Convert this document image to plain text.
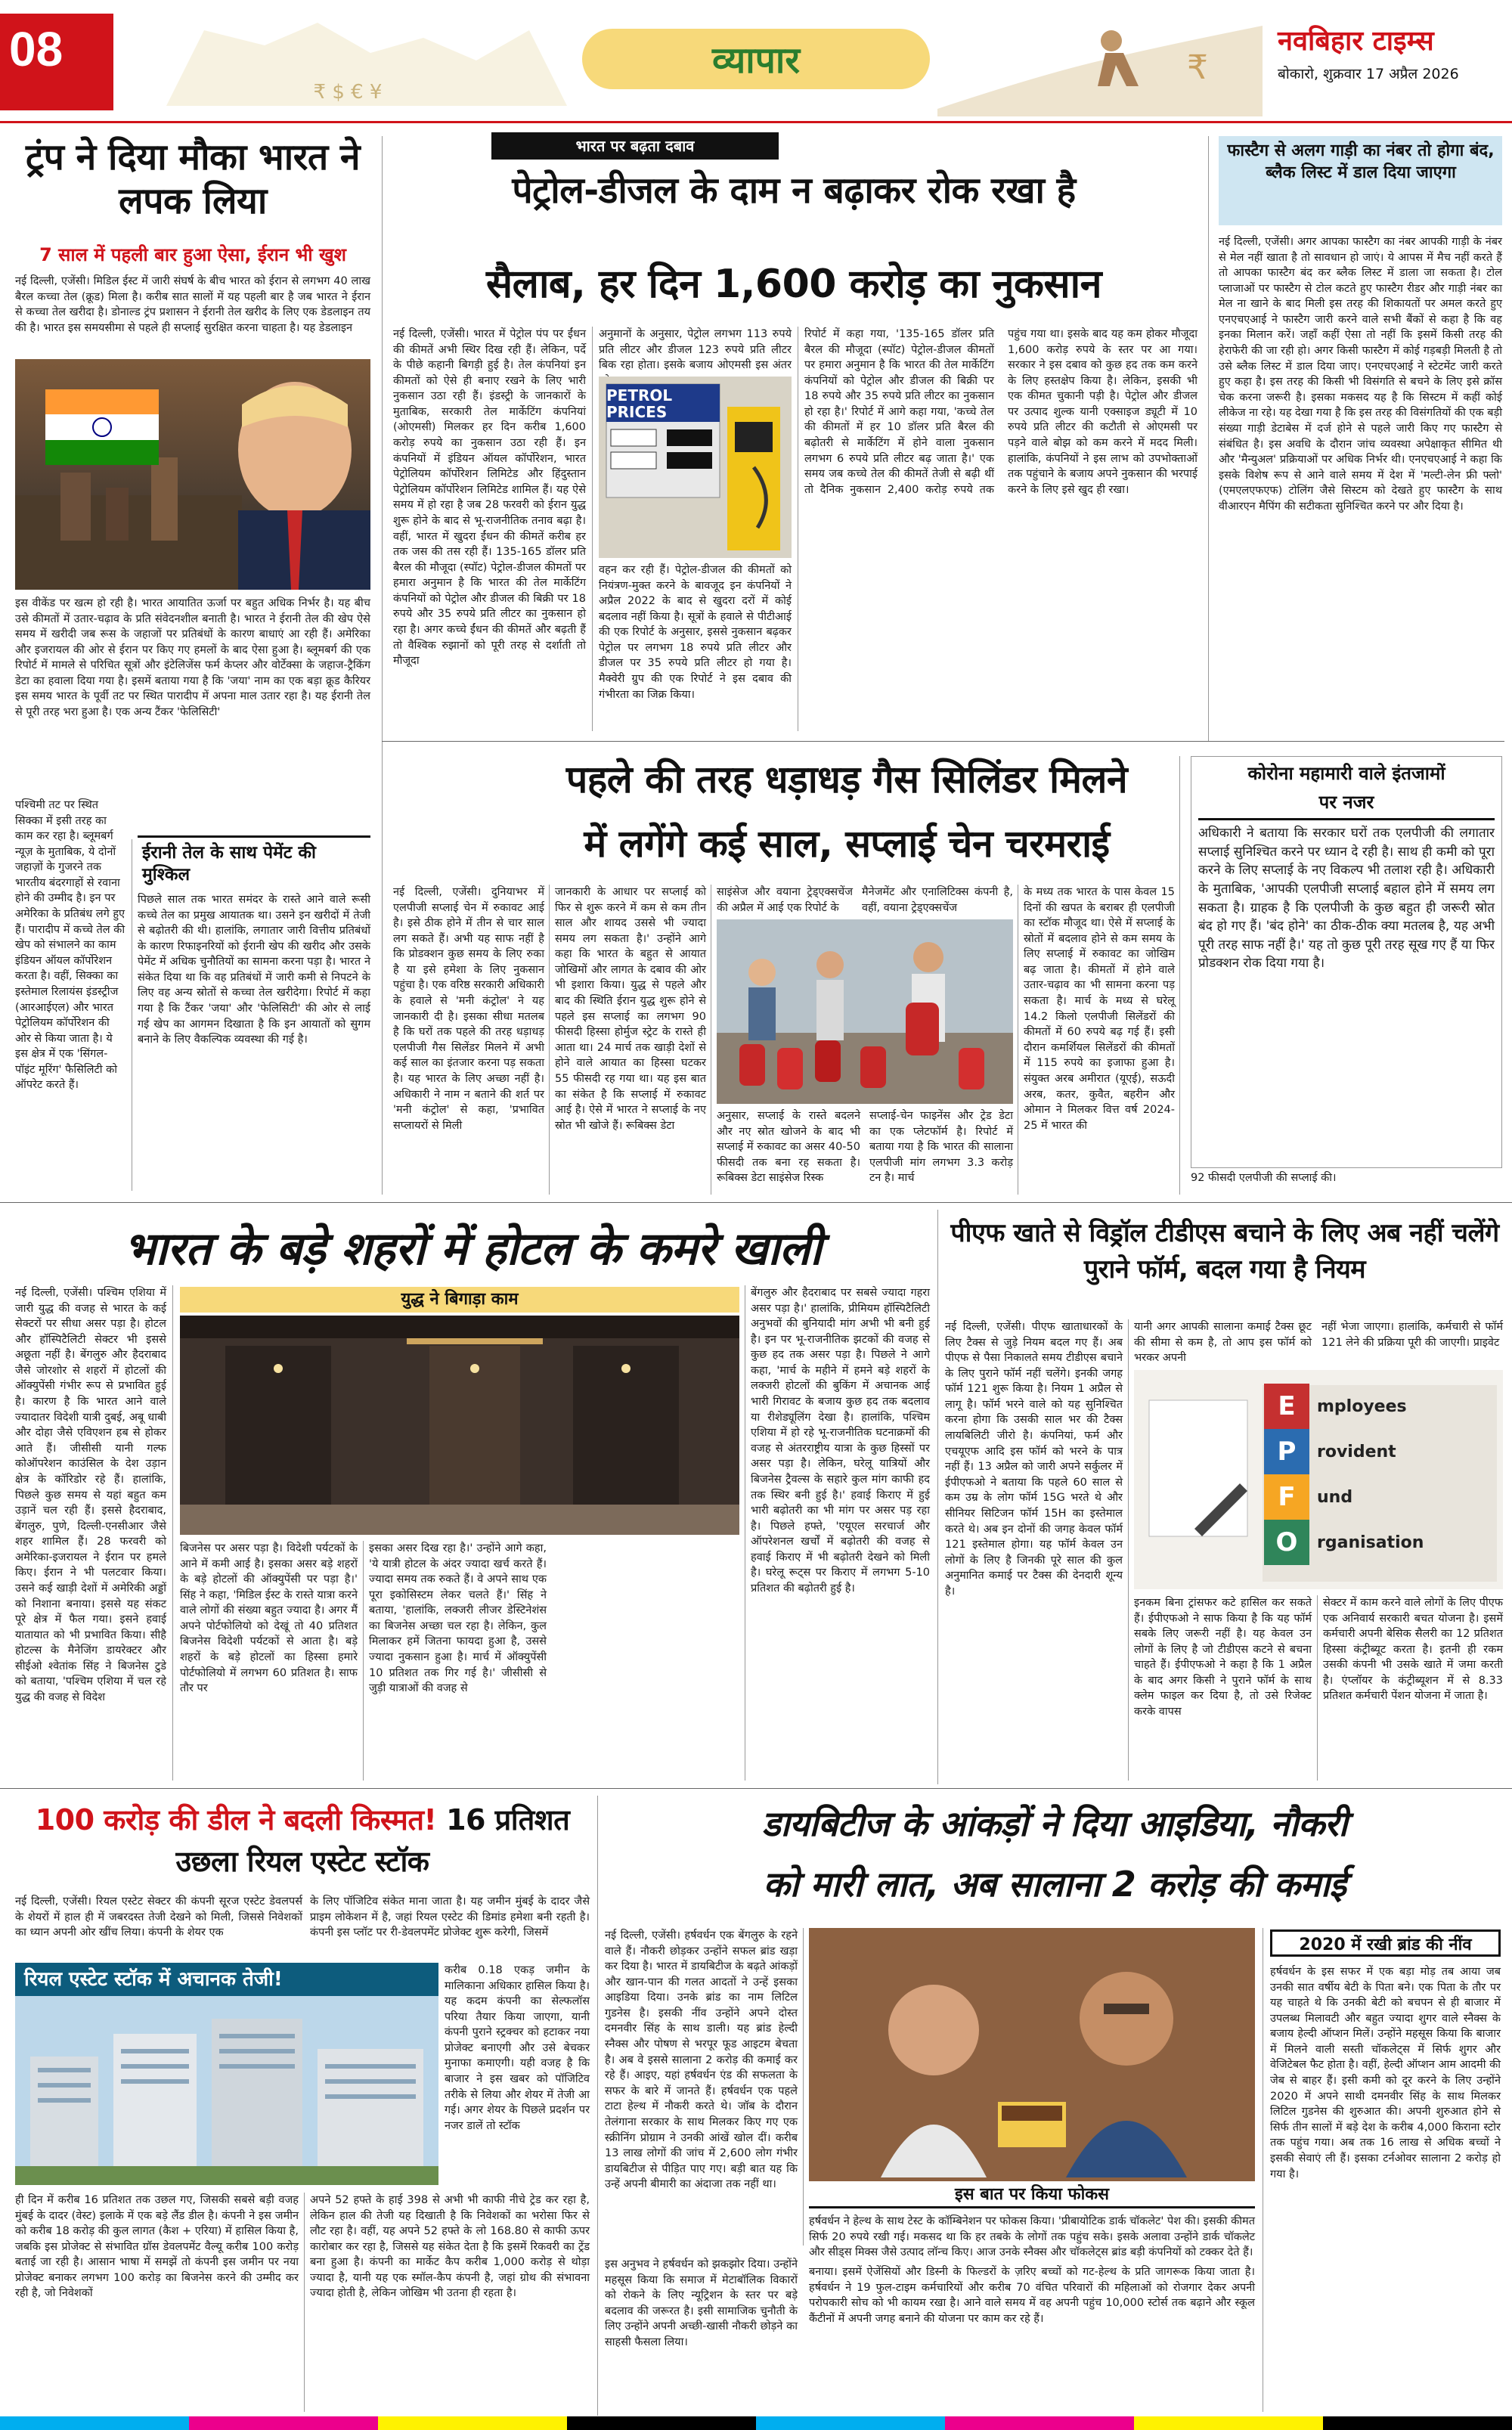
08
₹ $ € ¥
व्यापार	₹
नवबिहार टाइम्स
बोकारो, शुक्रवार 17 अप्रैल 2026
ट्रंप ने दिया मौका भारत ने लपक लिया
7 साल में पहली बार हुआ ऐसा, ईरान भी खुश
नई दिल्ली, एजेंसी। मिडिल ईस्ट में जारी संघर्ष के बीच भारत को ईरान से लगभग 40 लाख बैरल कच्चा तेल (क्रूड) मिला है। करीब सात सालों में यह पहली बार है जब भारत ने ईरान से कच्चा तेल खरीदा है। डोनाल्ड ट्रंप प्रशासन ने ईरानी तेल खरीद के लिए एक डेडलाइन तय की है। भारत इस समयसीमा से पहले ही सप्लाई सुरक्षित करना चाहता है। यह डेडलाइन
इस वीकेंड पर खत्म हो रही है। भारत आयातित ऊर्जा पर बहुत अधिक निर्भर है। यह बीच उसे कीमतों में उतार-चढ़ाव के प्रति संवेदनशील बनाती है। भारत ने ईरानी तेल की खेप ऐसे समय में खरीदी जब रूस के जहाजों पर प्रतिबंधों के कारण बाधाएं आ रही हैं। अमेरिका और इजरायल की ओर से ईरान पर किए गए हमलों के बाद ऐसा हुआ है। ब्लूमबर्ग की एक रिपोर्ट में मामले से परिचित सूत्रों और इंटेलिजेंस फर्म केप्लर और वोर्टेक्सा के जहाज-ट्रैकिंग डेटा का हवाला दिया गया है। इसमें बताया गया है कि 'जया' नाम का एक बड़ा क्रूड कैरियर इस समय भारत के पूर्वी तट पर स्थित पारादीप में अपना माल उतार रहा है। यह ईरानी तेल से पूरी तरह भरा हुआ है। एक अन्य टैंकर 'फेलिसिटी'
पश्चिमी तट पर स्थित सिक्का में इसी तरह का काम कर रहा है। ब्लूमबर्ग न्यूज़ के मुताबिक, ये दोनों जहाज़ों के गुजरने तक भारतीय बंदरगाहों से रवाना होने की उम्मीद है। इन पर अमेरिका के प्रतिबंध लगे हुए हैं। पारादीप में कच्चे तेल की खेप को संभालने का काम इंडियन ऑयल कॉर्पोरेशन करता है। वहीं, सिक्का का इस्तेमाल रिलायंस इंडस्ट्रीज (आरआईएल) और भारत पेट्रोलियम कॉर्पोरेशन की ओर से किया जाता है। ये इस क्षेत्र में एक 'सिंगल-पॉइंट मूरिंग' फैसिलिटी को ऑपरेट करते हैं।
ईरानी तेल के साथ पेमेंट की मुश्किल
पिछले साल तक भारत समंदर के रास्ते आने वाले रूसी कच्चे तेल का प्रमुख आयातक था। उसने इन खरीदों में तेजी से बढ़ोतरी की थी। हालांकि, लगातार जारी वित्तीय प्रतिबंधों के कारण रिफाइनरियों को ईरानी खेप की खरीद और उसके पेमेंट में अधिक चुनौतियों का सामना करना पड़ा है। भारत ने संकेत दिया था कि वह प्रतिबंधों में जारी कमी से निपटने के लिए वह अन्य स्रोतों से कच्चा तेल खरीदेगा। रिपोर्ट में कहा गया है कि टैंकर 'जया' और 'फेलिसिटी' की ओर से लाई गई खेप का आगमन दिखाता है कि इन आयातों को सुगम बनाने के लिए वैकल्पिक व्यवस्था की गई है।
भारत पर बढ़ता दबाव
पेट्रोल-डीजल के दाम न बढ़ाकर रोक रखा है
सैलाब, हर दिन 1,600 करोड़ का नुकसान
नई दिल्ली, एजेंसी। भारत में पेट्रोल पंप पर ईंधन की कीमतें अभी स्थिर दिख रही हैं। लेकिन, पर्दे के पीछे कहानी बिगड़ी हुई है। तेल कंपनियां इन कीमतों को ऐसे ही बनाए रखने के लिए भारी नुकसान उठा रही हैं। इंडस्ट्री के जानकारों के मुताबिक, सरकारी तेल मार्केटिंग कंपनियां (ओएमसी) मिलकर हर दिन करीब 1,600 करोड़ रुपये का नुकसान उठा रही हैं। इन कंपनियों में इंडियन ऑयल कॉर्पोरेशन, भारत पेट्रोलियम कॉर्पोरेशन लिमिटेड और हिंदुस्तान पेट्रोलियम कॉर्पोरेशन लिमिटेड शामिल हैं। यह ऐसे समय में हो रहा है जब 28 फरवरी को ईरान युद्ध शुरू होने के बाद से भू-राजनीतिक तनाव बढ़ा है। वहीं, भारत में खुदरा ईंधन की कीमतें करीब हर तक जस की तस रही हैं। 135-165 डॉलर प्रति बैरल की मौजूदा (स्पॉट) पेट्रोल-डीजल कीमतों पर हमारा अनुमान है कि भारत की तेल मार्केटिंग कंपनियों को पेट्रोल और डीजल की बिक्री पर 18 रुपये और 35 रुपये प्रति लीटर का नुकसान हो रहा है। अगर कच्चे ईंधन की कीमतें और बढ़ती हैं तो वैश्विक रुझानों को पूरी तरह से दर्शाती तो मौजूदा
अनुमानों के अनुसार, पेट्रोल लगभग 113 रुपये प्रति लीटर और डीजल 123 रुपये प्रति लीटर बिक रहा होता। इसके बजाय ओएमसी इस अंतर
PETROL PRICES
वहन कर रही हैं। पेट्रोल-डीजल की कीमतों को नियंत्रण-मुक्त करने के बावजूद इन कंपनियों ने अप्रैल 2022 के बाद से खुदरा दरों में कोई बदलाव नहीं किया है। सूत्रों के हवाले से पीटीआई की एक रिपोर्ट के अनुसार, इससे नुकसान बढ़कर पेट्रोल पर लगभग 18 रुपये प्रति लीटर और डीजल पर 35 रुपये प्रति लीटर हो गया है। मैक्वेरी ग्रुप की एक रिपोर्ट ने इस दबाव की गंभीरता का जिक्र किया।
रिपोर्ट में कहा गया, '135-165 डॉलर प्रति बैरल की मौजूदा (स्पॉट) पेट्रोल-डीजल कीमतों पर हमारा अनुमान है कि भारत की तेल मार्केटिंग कंपनियों को पेट्रोल और डीजल की बिक्री पर 18 रुपये और 35 रुपये प्रति लीटर का नुकसान हो रहा है।' रिपोर्ट में आगे कहा गया, 'कच्चे तेल की कीमतों में हर 10 डॉलर प्रति बैरल की बढ़ोतरी से मार्केटिंग में होने वाला नुकसान लगभग 6 रुपये प्रति लीटर बढ़ जाता है।' एक समय जब कच्चे तेल की कीमतें तेजी से बढ़ी थीं तो दैनिक नुकसान 2,400 करोड़ रुपये तक पहुंच गया था। इसके बाद यह कम होकर मौजूदा 1,600 करोड़ रुपये के स्तर पर आ गया। सरकार ने इस दबाव को कुछ हद तक कम करने के लिए हस्तक्षेप किया है। लेकिन, इसकी भी एक कीमत चुकानी पड़ी है। पेट्रोल और डीजल पर उत्पाद शुल्क यानी एक्साइज ड्यूटी में 10 रुपये प्रति लीटर की कटौती से ओएमसी पर पड़ने वाले बोझ को कम करने में मदद मिली। हालांकि, कंपनियों ने इस लाभ को उपभोक्ताओं तक पहुंचाने के बजाय अपने नुकसान की भरपाई करने के लिए इसे खुद ही रखा।
फास्टैग से अलग गाड़ी का नंबर तो होगा बंद, ब्लैक लिस्ट में डाल दिया जाएगा
नई दिल्ली, एजेंसी। अगर आपका फास्टैग का नंबर आपकी गाड़ी के नंबर से मेल नहीं खाता है तो सावधान हो जाएं। ये आपस में मैच नहीं करते हैं तो आपका फास्टैग बंद कर ब्लैक लिस्ट में डाला जा सकता है। टोल प्लाजाओं पर फास्टैग से टोल कटते हुए फास्टैग रीडर और गाड़ी नंबर का मेल ना खाने के बाद मिली इस तरह की शिकायतों पर अमल करते हुए एनएचएआई ने फास्टैग जारी करने वाले सभी बैंकों से कहा है कि वह इनका मिलान करें। जहाँ कहीं ऐसा तो नहीं कि इसमें किसी तरह की हेराफेरी की जा रही हो। अगर किसी फास्टैग में कोई गड़बड़ी मिलती है तो उसे ब्लैक लिस्ट में डाल दिया जाए। एनएचएआई ने स्टेटमेंट जारी करते हुए कहा है। इस तरह की किसी भी विसंगति से बचने के लिए इसे क्रॉस चेक करना जरूरी है। इसका मकसद यह है कि सिस्टम में कहीं कोई लीकेज ना रहे। यह देखा गया है कि इस तरह की विसंगतियों की एक बड़ी संख्या गाड़ी डेटाबेस में दर्ज होने से पहले जारी किए गए फास्टैग से संबंधित है। इस अवधि के दौरान जांच व्यवस्था अपेक्षाकृत सीमित थी और 'मैन्युअल' प्रक्रियाओं पर अधिक निर्भर थी। एनएचएआई ने कहा कि इसके विशेष रूप से आने वाले समय में देश में 'मल्टी-लेन फ्री फ्लो' (एमएलएफएफ) टोलिंग जैसे सिस्टम को देखते हुए फास्टैग के साथ वीआरएन मैपिंग की सटीकता सुनिश्चित करने पर और दिया है।
पहले की तरह धड़ाधड़ गैस सिलिंडर मिलने
में लगेंगे कई साल, सप्लाई चेन चरमराई
नई दिल्ली, एजेंसी। दुनियाभर में एलपीजी सप्लाई चेन में रुकावट आई है। इसे ठीक होने में तीन से चार साल लग सकते हैं। अभी यह साफ नहीं है कि प्रोडक्शन कुछ समय के लिए रुका है या इसे हमेशा के लिए नुकसान पहुंचा है। एक वरिष्ठ सरकारी अधिकारी के हवाले से 'मनी कंट्रोल' ने यह जानकारी दी है। इसका सीधा मतलब है कि घरों तक पहले की तरह धड़ाधड़ एलपीजी गैस सिलेंडर मिलने में अभी कई साल का इंतजार करना पड़ सकता है। यह भारत के लिए अच्छा नहीं है। अधिकारी ने नाम न बताने की शर्त पर 'मनी कंट्रोल' से कहा, 'प्रभावित सप्लायरों से मिली
जानकारी के आधार पर सप्लाई को फिर से शुरू करने में कम से कम तीन साल और शायद उससे भी ज्यादा समय लग सकता है।' उन्होंने आगे कहा कि भारत के बहुत से आयात जोखिमों और लागत के दबाव की ओर भी इशारा किया। युद्ध से पहले और बाद की स्थिति ईरान युद्ध शुरू होने से पहले इस सप्लाई का लगभग 90 फीसदी हिस्सा होर्मुज स्ट्रेट के रास्ते ही आता था। 24 मार्च तक खाड़ी देशों से होने वाले आयात का हिस्सा घटकर 55 फीसदी रह गया था। यह इस बात का संकेत है कि सप्लाई में रुकावट आई है। ऐसे में भारत ने सप्लाई के नए स्रोत भी खोजे हैं। रूबिक्स डेटा
साइंसेज और वयाना ट्रेड्एक्सचेंज की अप्रैल में आई एक रिपोर्ट के
मैनेजमेंट और एनालिटिक्स कंपनी है, वहीं, वयाना ट्रेड्एक्सचेंज
अनुसार, सप्लाई के रास्ते बदलने और नए स्रोत खोजने के बाद भी सप्लाई में रुकावट का असर 40-50 फीसदी तक बना रह सकता है। रूबिक्स डेटा साइंसेज रिस्क
सप्लाई-चेन फाइनेंस और ट्रेड डेटा का एक प्लेटफॉर्म है। रिपोर्ट में बताया गया है कि भारत की सालाना एलपीजी मांग लगभग 3.3 करोड़ टन है। मार्च
के मध्य तक भारत के पास केवल 15 दिनों की खपत के बराबर ही एलपीजी का स्टॉक मौजूद था। ऐसे में सप्लाई के स्रोतों में बदलाव होने से कम समय के लिए सप्लाई में रुकावट का जोखिम बढ़ जाता है। कीमतों में होने वाले उतार-चढ़ाव का भी सामना करना पड़ सकता है। मार्च के मध्य से घरेलू 14.2 किलो एलपीजी सिलेंडरों की कीमतों में 60 रुपये बढ़ गई हैं। इसी दौरान कमर्शियल सिलेंडरों की कीमतों में 115 रुपये का इजाफा हुआ है। संयुक्त अरब अमीरात (यूएई), सऊदी अरब, कतर, कुवैत, बहरीन और ओमान ने मिलकर वित्त वर्ष 2024-25 में भारत की
कोरोना महामारी वाले इंतजामों
पर नजर
अधिकारी ने बताया कि सरकार घरों तक एलपीजी की लगातार सप्लाई सुनिश्चित करने पर ध्यान दे रही है। साथ ही कमी को पूरा करने के लिए सप्लाई के नए विकल्प भी तलाश रही है। अधिकारी के मुताबिक, 'आपकी एलपीजी सप्लाई बहाल होने में समय लग सकता है। ग्राहक है कि एलपीजी के कुछ बहुत ही जरूरी स्रोत बंद हो गए हैं। 'बंद होने' का ठीक-ठीक क्या मतलब है, यह अभी पूरी तरह साफ नहीं है।' यह तो कुछ पूरी तरह सूख गए हैं या फिर प्रोडक्शन रोक दिया गया है।
92 फीसदी एलपीजी की सप्लाई की।
भारत के बड़े शहरों में होटल के कमरे खाली
नई दिल्ली, एजेंसी। पश्चिम एशिया में जारी युद्ध की वजह से भारत के कई सेक्टरों पर सीधा असर पड़ा है। होटल और हॉस्पिटैलिटी सेक्टर भी इससे अछूता नहीं है। बेंगलुरु और हैदराबाद जैसे जोरशोर से शहरों में होटलों की ऑक्युपेंसी गंभीर रूप से प्रभावित हुई है। कारण है कि भारत आने वाले ज्यादातर विदेशी यात्री दुबई, अबू धाबी और दोहा जैसे एविएशन हब से होकर आते हैं। जीसीसी यानी गल्फ कोऑपरेशन काउंसिल के देश उड़ान क्षेत्र के कॉरिडोर रहे हैं। हालांकि, पिछले कुछ समय से यहां बहुत कम उड़ानें चल रही हैं। इससे हैदराबाद, बेंगलुरु, पुणे, दिल्ली-एनसीआर जैसे शहर शामिल हैं। 28 फरवरी को अमेरिका-इजरायल ने ईरान पर हमले किए। ईरान ने भी पलटवार किया। उसने कई खाड़ी देशों में अमेरिकी अड्डों को निशाना बनाया। इससे यह संकट पूरे क्षेत्र में फैल गया। इसने हवाई यातायात को भी प्रभावित किया। सीहै होटल्स के मैनेजिंग डायरेक्टर और सीईओ श्वेतांक सिंह ने बिजनेस टुडे को बताया, 'पश्चिम एशिया में चल रहे युद्ध की वजह से विदेश
युद्ध ने बिगाड़ा काम
बिजनेस पर असर पड़ा है। विदेशी पर्यटकों के आने में कमी आई है। इसका असर बड़े शहरों के बड़े होटलों की ऑक्युपेंसी पर पड़ा है।' सिंह ने कहा, 'मिडिल ईस्ट के रास्ते यात्रा करने वाले लोगों की संख्या बहुत ज्यादा है। अगर मैं अपने पोर्टफोलियो को देखूं तो 40 प्रतिशत बिजनेस विदेशी पर्यटकों से आता है। बड़े शहरों के बड़े होटलों का हिस्सा हमारे पोर्टफोलियो में लगभग 60 प्रतिशत है। साफ तौर पर
इसका असर दिख रहा है।' उन्होंने आगे कहा, 'ये यात्री होटल के अंदर ज्यादा खर्च करते हैं। ज्यादा समय तक रुकते हैं। वे अपने साथ एक पूरा इकोसिस्टम लेकर चलते हैं।' सिंह ने बताया, 'हालांकि, लक्जरी लीजर डेस्टिनेशंस का बिजनेस अच्छा चल रहा है। लेकिन, कुल मिलाकर हमें जितना फायदा हुआ है, उससे ज्यादा नुकसान हुआ है। मार्च में ऑक्युपेंसी 10 प्रतिशत तक गिर गई है।' जीसीसी से जुड़ी यात्राओं की वजह से
बेंगलुरु और हैदराबाद पर सबसे ज्यादा गहरा असर पड़ा है।' हालांकि, प्रीमियम हॉस्पिटैलिटी अनुभवों की बुनियादी मांग अभी भी बनी हुई है। इन पर भू-राजनीतिक झटकों की वजह से कुछ हद तक असर पड़ा है। पिछले ने आगे कहा, 'मार्च के महीने में हमने बड़े शहरों के लक्जरी होटलों की बुकिंग में अचानक आई भारी गिरावट के बजाय कुछ हद तक बदलाव या रीशेड्यूलिंग देखा है। हालांकि, पश्चिम एशिया में हो रहे भू-राजनीतिक घटनाक्रमों की वजह से अंतरराष्ट्रीय यात्रा के कुछ हिस्सों पर असर पड़ा है। लेकिन, घरेलू यात्रियों और बिजनेस ट्रैवल्स के सहारे कुल मांग काफी हद तक स्थिर बनी हुई है।' हवाई किराए में हुई भारी बढ़ोतरी का भी मांग पर असर पड़ रहा है। पिछले हफ्ते, 'एयूएल सरचार्ज और ऑपरेशनल खर्चों में बढ़ोतरी की वजह से हवाई किराए में भी बढ़ोतरी देखने को मिली है। घरेलू रूट्स पर किराए में लगभग 5-10 प्रतिशत की बढ़ोतरी हुई है।
पीएफ खाते से विड्रॉल टीडीएस बचाने के लिए अब नहीं चलेंगे पुराने फॉर्म, बदल गया है नियम
नई दिल्ली, एजेंसी। पीएफ खाताधारकों के लिए टैक्स से जुड़े नियम बदल गए हैं। अब पीएफ से पैसा निकालते समय टीडीएस बचाने के लिए पुराने फॉर्म नहीं चलेंगे। इनकी जगह फॉर्म 121 शुरू किया है। नियम 1 अप्रैल से लागू है। फॉर्म भरने वाले को यह सुनिश्चित करना होगा कि उसकी साल भर की टैक्स लायबिलिटी जीरो है। कंपनियां, फर्म और एचयूएफ आदि इस फॉर्म को भरने के पात्र नहीं हैं। 13 अप्रैल को जारी अपने सर्कुलर में ईपीएफओ ने बताया कि पहले 60 साल से कम उम्र के लोग फॉर्म 15G भरते थे और सीनियर सिटिजन फॉर्म 15H का इस्तेमाल करते थे। अब इन दोनों की जगह केवल फॉर्म 121 इस्तेमाल होगा। यह फॉर्म केवल उन लोगों के लिए है जिनकी पूरे साल की कुल अनुमानित कमाई पर टैक्स की देनदारी शून्य है।
यानी अगर आपकी सालाना कमाई टैक्स छूट की सीमा से कम है, तो आप इस फॉर्म को भरकर अपनी
नहीं भेजा जाएगा। हालांकि, कर्मचारी से फॉर्म 121 लेने की प्रक्रिया पूरी की जाएगी। प्राइवेट
E
P
F
O
mployees
rovident
und
rganisation
इनकम बिना ट्रांसफर कटे हासिल कर सकते हैं। ईपीएफओ ने साफ किया है कि यह फॉर्म सबके लिए जरूरी नहीं है। यह केवल उन लोगों के लिए है जो टीडीएस कटने से बचना चाहते हैं। ईपीएफओ ने कहा है कि 1 अप्रैल के बाद अगर किसी ने पुराने फॉर्म के साथ क्लेम फाइल कर दिया है, तो उसे रिजेक्ट करके वापस
सेक्टर में काम करने वाले लोगों के लिए पीएफ एक अनिवार्य सरकारी बचत योजना है। इसमें कर्मचारी अपनी बेसिक सैलरी का 12 प्रतिशत हिस्सा कंट्रीब्यूट करता है। इतनी ही रकम उसकी कंपनी भी उसके खाते में जमा करती है। एंप्लॉयर के कंट्रीब्यूशन में से 8.33 प्रतिशत कर्मचारी पेंशन योजना में जाता है।
100 करोड़ की डील ने बदली किस्मत! 16 प्रतिशत उछला रियल एस्टेट स्टॉक
नई दिल्ली, एजेंसी। रियल एस्टेट सेक्टर की कंपनी सूरज एस्टेट डेवलपर्स के शेयरों में हाल ही में जबरदस्त तेजी देखने को मिली, जिससे निवेशकों का ध्यान अपनी ओर खींच लिया। कंपनी के शेयर एक
के लिए पॉजिटिव संकेत माना जाता है। यह जमीन मुंबई के दादर जैसे प्राइम लोकेशन में है, जहां रियल एस्टेट की डिमांड हमेशा बनी रहती है। कंपनी इस प्लॉट पर री-डेवलपमेंट प्रोजेक्ट शुरू करेगी, जिसमें
रियल एस्टेट स्टॉक में अचानक तेजी!	करीब 0.18 एकड़ जमीन के मालिकाना अधिकार हासिल किया है। यह कदम कंपनी का सेल्फलॉस परिया तैयार किया जाएगा, यानी कंपनी पुराने स्ट्रक्चर को हटाकर नया प्रोजेक्ट बनाएगी और उसे बेचकर मुनाफा कमाएगी। यही वजह है कि बाजार ने इस खबर को पॉजिटिव तरीके से लिया और शेयर में तेजी आ गई। अगर शेयर के पिछले प्रदर्शन पर नजर डालें तो स्टॉक
ही दिन में करीब 16 प्रतिशत तक उछल गए, जिसकी सबसे बड़ी वजह मुंबई के दादर (वेस्ट) इलाके में एक बड़े लैंड डील है। कंपनी ने इस जमीन को करीब 18 करोड़ की कुल लागत (कैश + एरिया) में हासिल किया है, जबकि इस प्रोजेक्ट से संभावित ग्रॉस डेवलपमेंट वैल्यू करीब 100 करोड़ बताई जा रही है। आसान भाषा में समझें तो कंपनी इस जमीन पर नया प्रोजेक्ट बनाकर लगभग 100 करोड़ का बिजनेस करने की उम्मीद कर रही है, जो निवेशकों
अपने 52 हफ्ते के हाई 398 से अभी भी काफी नीचे ट्रेड कर रहा है, लेकिन हाल की तेजी यह दिखाती है कि निवेशकों का भरोसा फिर से लौट रहा है। वहीं, यह अपने 52 हफ्ते के लो 168.80 से काफी ऊपर कारोबार कर रहा है, जिससे यह संकेत देता है कि इसमें रिकवरी का ट्रेंड बना हुआ है। कंपनी का मार्केट कैप करीब 1,000 करोड़ से थोड़ा ज्यादा है, यानी यह एक स्मॉल-कैप कंपनी है, जहां ग्रोथ की संभावना ज्यादा होती है, लेकिन जोखिम भी उतना ही रहता है।
डायबिटीज के आंकड़ों ने दिया आइडिया, नौकरी
को मारी लात, अब सालाना 2 करोड़ की कमाई
नई दिल्ली, एजेंसी। हर्षवर्धन एक बेंगलुरु के रहने वाले हैं। नौकरी छोड़कर उन्होंने सफल ब्रांड खड़ा कर दिया है। भारत में डायबिटीज के बढ़ते आंकड़ों और खान-पान की गलत आदतों ने उन्हें इसका आइडिया दिया। उनके ब्रांड का नाम लिटिल गुडनेस है। इसकी नींव उन्होंने अपने दोस्त दमनवीर सिंह के साथ डाली। यह ब्रांड हेल्दी स्नैक्स और पोषण से भरपूर फूड आइटम बेचता है। अब वे इससे सालाना 2 करोड़ की कमाई कर रहे हैं। आइए, यहां हर्षवर्धन एंड की सफलता के सफर के बारे में जानते हैं। हर्षवर्धन एक पहले टाटा हेल्थ में नौकरी करते थे। जॉब के दौरान तेलंगाना सरकार के साथ मिलकर किए गए एक स्क्रीनिंग प्रोग्राम ने उनकी आंखें खोल दीं। करीब 13 लाख लोगों की जांच में 2,600 लोग गंभीर डायबिटीज से पीड़ित पाए गए। बड़ी बात यह कि उन्हें अपनी बीमारी का अंदाजा तक नहीं था।
इस बात पर किया फोकस
हर्षवर्धन ने हेल्थ के साथ टेस्ट के कॉम्बिनेशन पर फोकस किया। 'प्रीबायोटिक डार्क चॉकलेट' पेश की। इसकी कीमत सिर्फ 20 रुपये रखी गई। मकसद था कि हर तबके के लोगों तक पहुंच सके। इसके अलावा उन्होंने डार्क चॉकलेट और सीड्स मिक्स जैसे उत्पाद लॉन्च किए। आज उनके स्नैक्स और चॉकलेट्स ब्रांड बड़ी कंपनियों को टक्कर देते हैं।
इस अनुभव ने हर्षवर्धन को झकझोर दिया। उन्होंने महसूस किया कि समाज में मेटाबॉलिक विकारों को रोकने के लिए न्यूट्रिशन के स्तर पर बड़े बदलाव की जरूरत है। इसी सामाजिक चुनौती के लिए उन्होंने अपनी अच्छी-खासी नौकरी छोड़ने का साहसी फैसला लिया।
बनाया। इसमें ऐजेंसियों और डिस्नी के फिल्डरों के ज़रिए बच्चों को गट-हेल्थ के प्रति जागरूक किया जाता है। हर्षवर्धन ने 19 फुल-टाइम कर्मचारियों और करीब 70 वंचित परिवारों की महिलाओं को रोजगार देकर अपनी परोपकारी सोच को भी कायम रखा है। आने वाले समय में वह अपनी पहुंच 10,000 स्टोर्स तक बढ़ाने और स्कूल कैंटीनों में अपनी जगह बनाने की योजना पर काम कर रहे हैं।
2020 में रखी ब्रांड की नींव
हर्षवर्धन के इस सफर में एक बड़ा मोड़ तब आया जब उनकी सात वर्षीय बेटी के पिता बने। एक पिता के तौर पर यह चाहते थे कि उनकी बेटी को बचपन से ही बाजार में उपलब्ध मिलावटी और बहुत ज्यादा शुगर वाले स्नैक्स के बजाय हेल्दी ऑप्शन मिलें। उन्होंने महसूस किया कि बाजार में मिलने वाली सस्ती चॉकलेट्स में सिर्फ शुगर और वेजिटेबल फैट होता है। वहीं, हेल्दी ऑप्शन आम आदमी की जेब से बाहर हैं। इसी कमी को दूर करने के लिए उन्होंने 2020 में अपने साथी दमनवीर सिंह के साथ मिलकर लिटिल गुडनेस की शुरुआत की। अपनी शुरुआत होने से सिर्फ तीन सालों में बड़े देश के करीब 4,000 किराना स्टोर तक पहुंच गया। अब तक 16 लाख से अधिक बच्चों ने इसकी सेवाएं ली हैं। इसका टर्नओवर सालाना 2 करोड़ हो गया है।
